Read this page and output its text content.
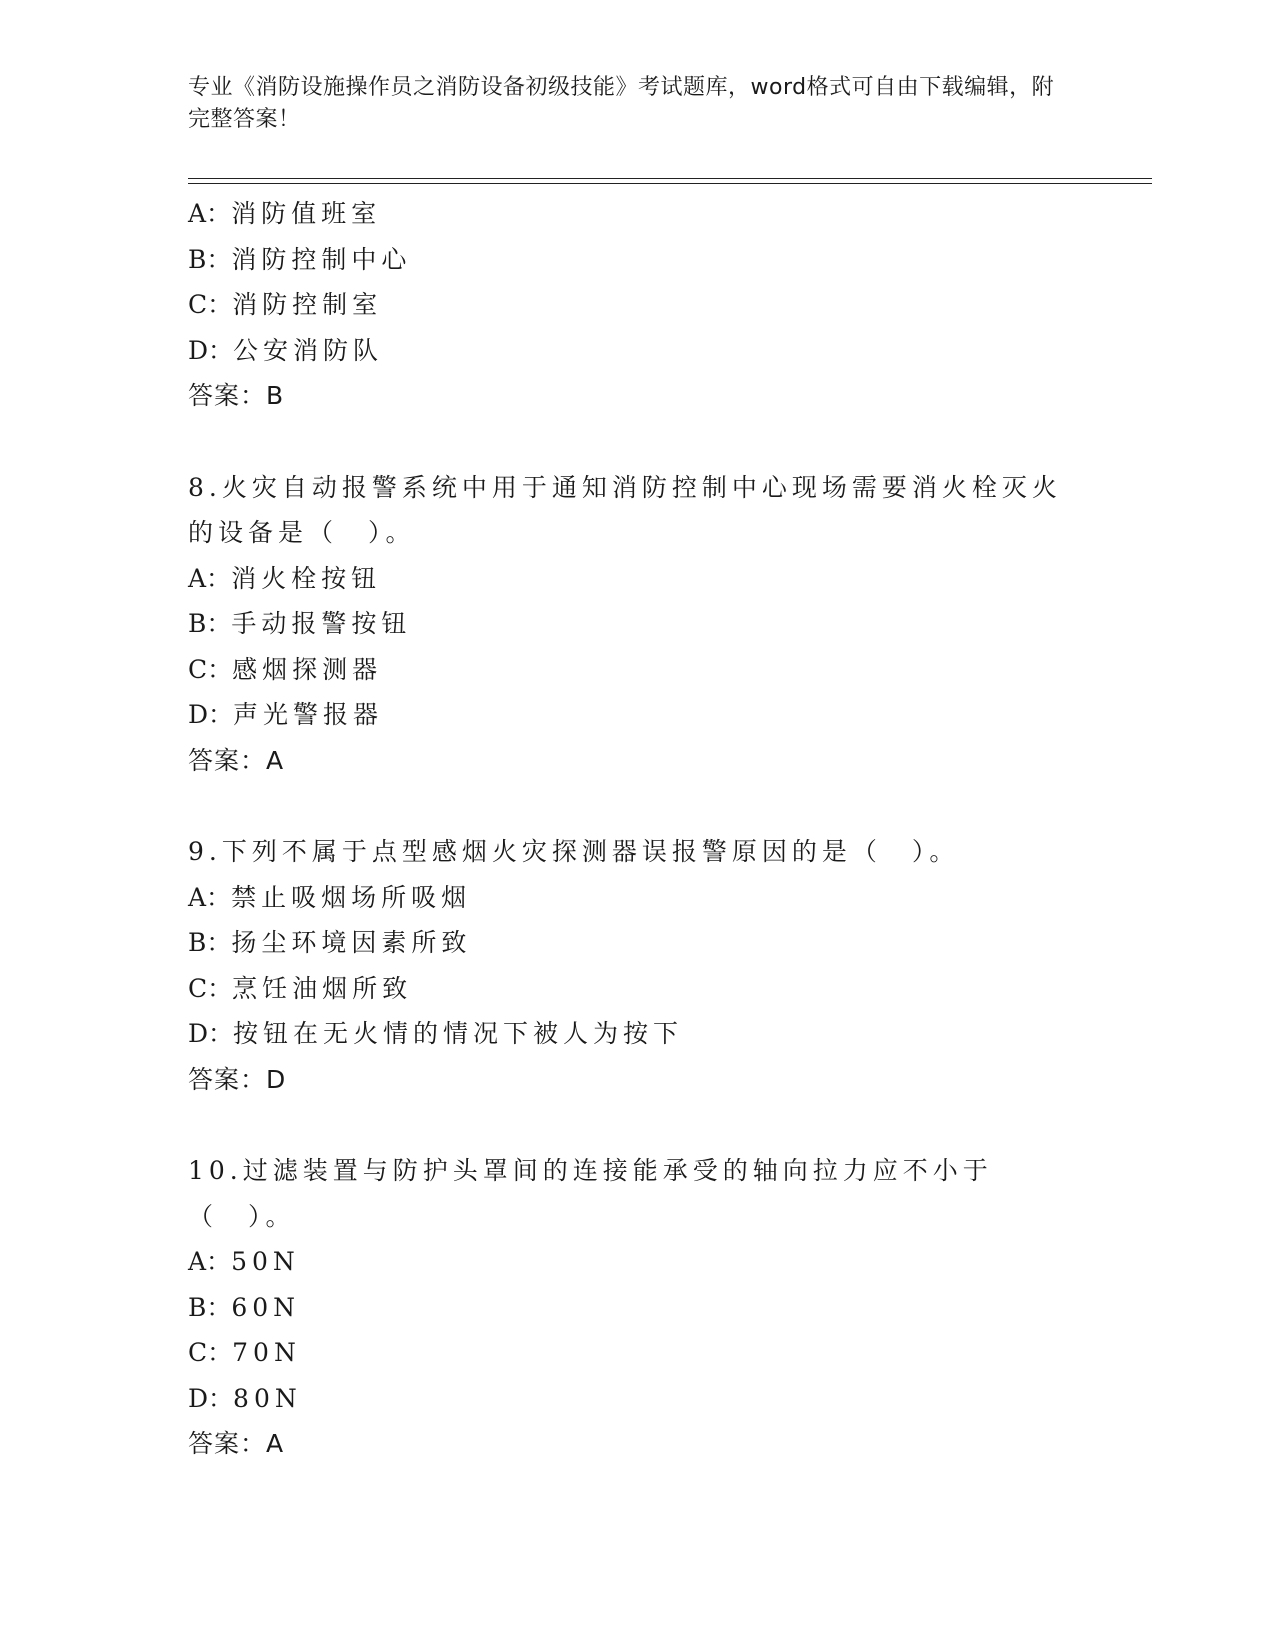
专业《消防设施操作员之消防设备初级技能》考试题库，word格式可自由下载编辑，附完整答案！
A：消防值班室
B：消防控制中心
C：消防控制室
D：公安消防队
答案：B
8.火灾自动报警系统中用于通知消防控制中心现场需要消火栓灭火的设备是（　）。
A：消火栓按钮
B：手动报警按钮
C：感烟探测器
D：声光警报器
答案：A
9.下列不属于点型感烟火灾探测器误报警原因的是（　）。
A：禁止吸烟场所吸烟
B：扬尘环境因素所致
C：烹饪油烟所致
D：按钮在无火情的情况下被人为按下
答案：D
10.过滤装置与防护头罩间的连接能承受的轴向拉力应不小于（　）。
A：50N
B：60N
C：70N
D：80N
答案：A
